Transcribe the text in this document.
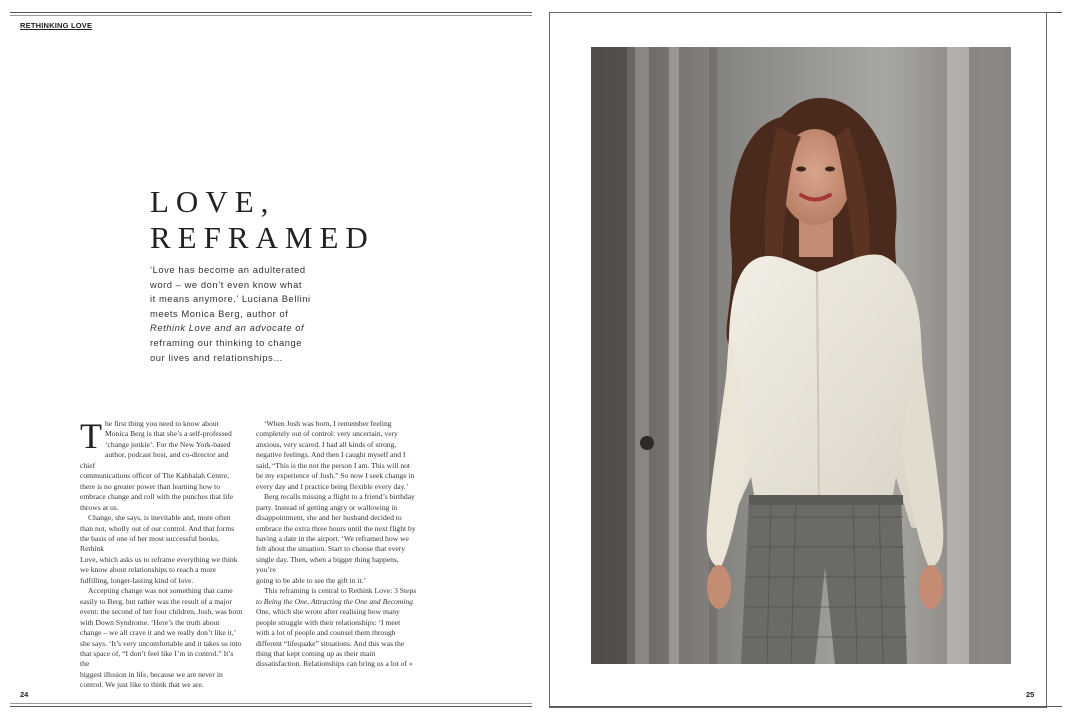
RETHINKING LOVE
LOVE,
REFRAMED

‘Love has become an adulterated

word – we don’t even know what

it means anymore.’ Luciana Bellini

meets Monica Berg, author of

Rethink Love and an advocate of

reframing our thinking to change

our lives and relationships…

T he first thing you need to know about

Monica Berg is that she’s a self-professed

‘change junkie’. For the New York-based

author, podcast host, and co-director and chief

communications officer of The Kabbalah Centre,

there is no greater power than learning how to

embrace change and roll with the punches that life

throws at us.

Change, she says, is inevitable and, more often

than not, wholly out of our control. And that forms

the basis of one of her most successful books, Rethink

Love, which asks us to reframe everything we think

we know about relationships to reach a more

fulfilling, longer-lasting kind of love.

Accepting change was not something that came

easily to Berg, but rather was the result of a major

event: the second of her four children, Josh, was born

with Down Syndrome. ‘Here’s the truth about

change – we all crave it and we really don’t like it,’

she says. ‘It’s very uncomfortable and it takes us into

that space of, “I don’t feel like I’m in control.” It’s the

biggest illusion in life, because we are never in

control. We just like to think that we are.

‘When Josh was born, I remember feeling

completely out of control: very uncertain, very

anxious, very scared. I had all kinds of strong,

negative feelings. And then I caught myself and I

said, “This is the not the person I am. This will not

be my experience of Josh.” So now I seek change in

every day and I practice being flexible every day.’

Berg recalls missing a flight to a friend’s birthday

party. Instead of getting angry or wallowing in

disappointment, she and her husband decided to

embrace the extra three hours until the next flight by

having a date in the airport. ‘We reframed how we

felt about the situation. Start to choose that every

single day. Then, when a bigger thing happens, you’re

going to be able to see the gift in it.’

This reframing is central to Rethink Love: 3 Steps

to Being the One, Attracting the One and Becoming

One, which she wrote after realising how many

people struggle with their relationships: ‘I meet

with a lot of people and counsel them through

different “lifequake” situations. And this was the

thing that kept coming up as their main

dissatisfaction. Relationships can bring us a lot of »

24	25
